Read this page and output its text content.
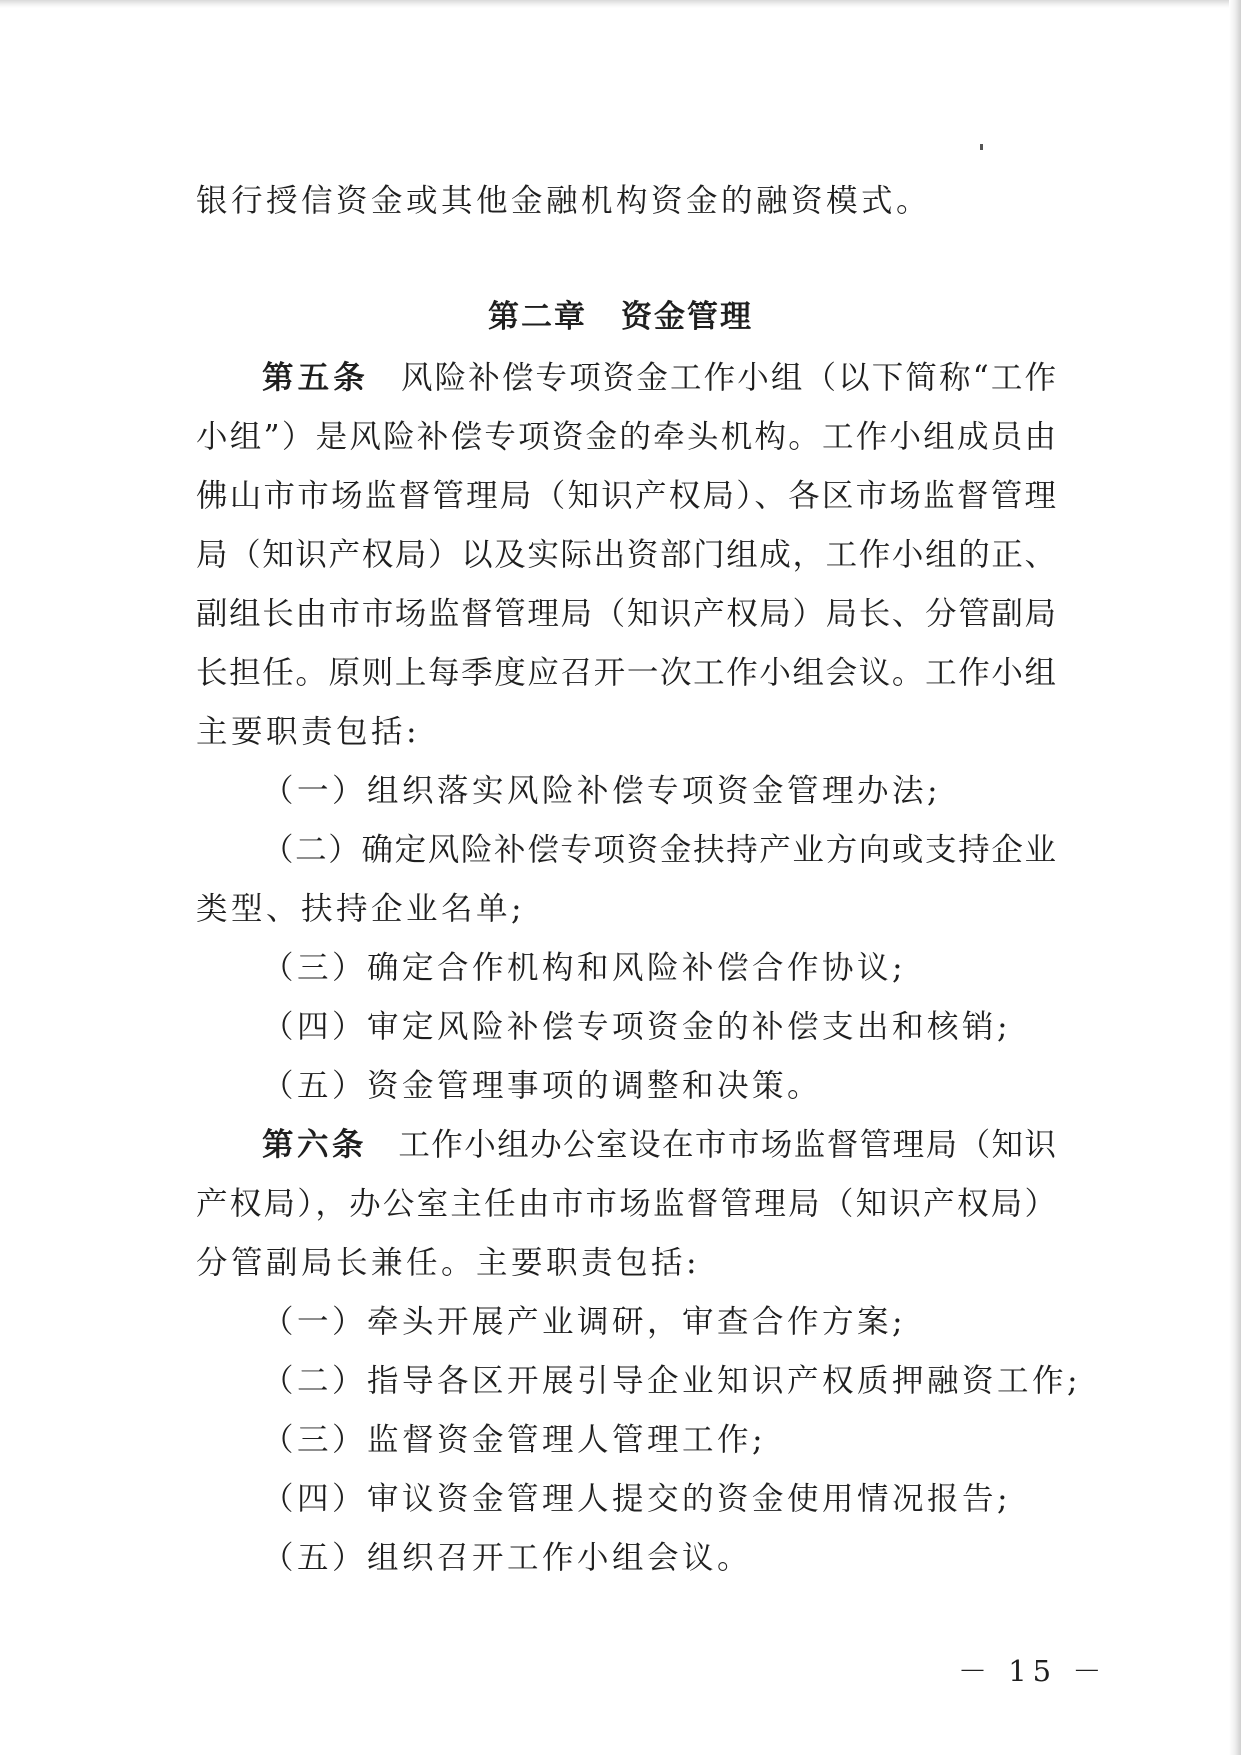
银行授信资金或其他金融机构资金的融资模式。
第二章 资金管理
第五条 风险补偿专项资金工作小组（以下简称“工作
小组”）是风险补偿专项资金的牵头机构。工作小组成员由
佛山市市场监督管理局（知识产权局）、各区市场监督管理
局（知识产权局）以及实际出资部门组成，工作小组的正、
副组长由市市场监督管理局（知识产权局）局长、分管副局
长担任。原则上每季度应召开一次工作小组会议。工作小组
主要职责包括:
（一）组织落实风险补偿专项资金管理办法;
（二）确定风险补偿专项资金扶持产业方向或支持企业
类型、扶持企业名单;
（三）确定合作机构和风险补偿合作协议;
（四）审定风险补偿专项资金的补偿支出和核销;
（五）资金管理事项的调整和决策。
第六条 工作小组办公室设在市市场监督管理局（知识
产权局），办公室主任由市市场监督管理局（知识产权局）
分管副局长兼任。主要职责包括:
（一）牵头开展产业调研，审查合作方案;
（二）指导各区开展引导企业知识产权质押融资工作;
（三）监督资金管理人管理工作;
（四）审议资金管理人提交的资金使用情况报告;
（五）组织召开工作小组会议。
－ 15 －
